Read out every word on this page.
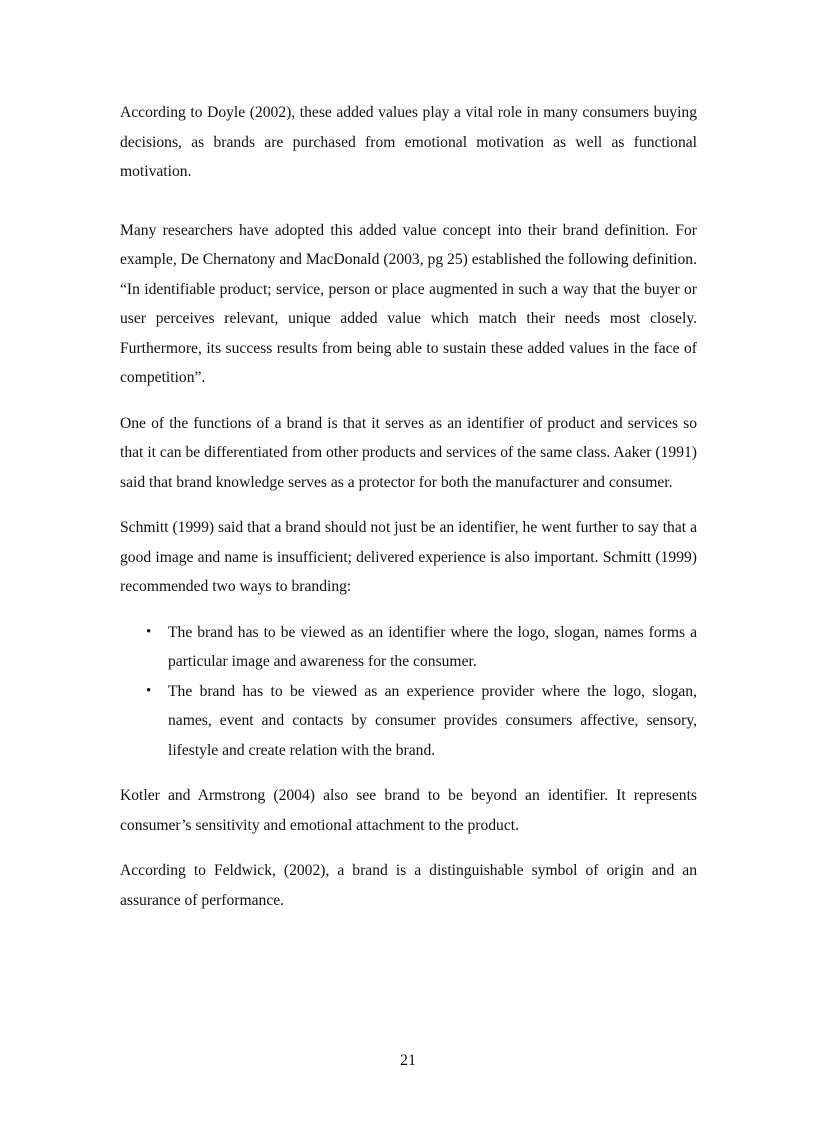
According to Doyle (2002), these added values play a vital role in many consumers buying decisions, as brands are purchased from emotional motivation as well as functional motivation.

Many researchers have adopted this added value concept into their brand definition. For example, De Chernatony and MacDonald (2003, pg 25) established the following definition. “In identifiable product; service, person or place augmented in such a way that the buyer or user perceives relevant, unique added value which match their needs most closely. Furthermore, its success results from being able to sustain these added values in the face of competition”.

One of the functions of a brand is that it serves as an identifier of product and services so that it can be differentiated from other products and services of the same class. Aaker (1991) said that brand knowledge serves as a protector for both the manufacturer and consumer.

Schmitt (1999) said that a brand should not just be an identifier, he went further to say that a good image and name is insufficient; delivered experience is also important. Schmitt (1999) recommended two ways to branding:

• The brand has to be viewed as an identifier where the logo, slogan, names forms a particular image and awareness for the consumer.
• The brand has to be viewed as an experience provider where the logo, slogan, names, event and contacts by consumer provides consumers affective, sensory, lifestyle and create relation with the brand.

Kotler and Armstrong (2004) also see brand to be beyond an identifier. It represents consumer’s sensitivity and emotional attachment to the product.

According to Feldwick, (2002), a brand is a distinguishable symbol of origin and an assurance of performance.

21
